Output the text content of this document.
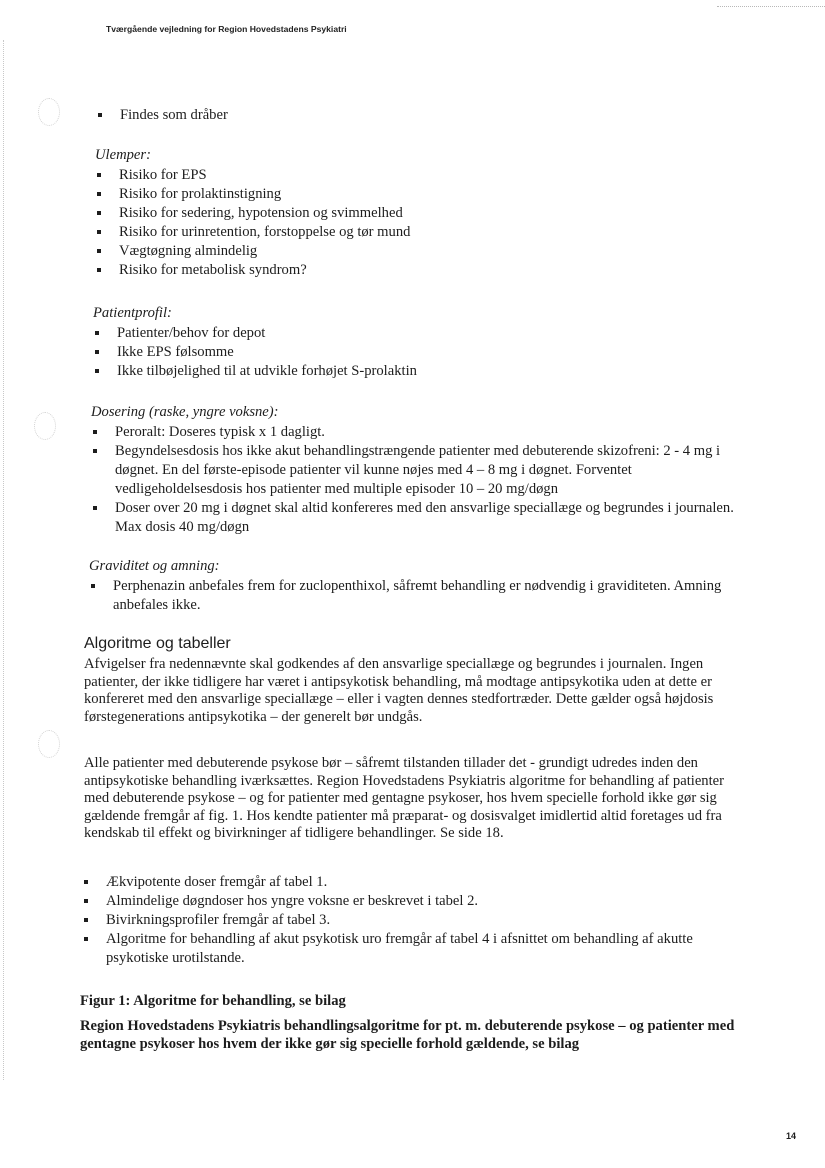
Tværgående vejledning for Region Hovedstadens Psykiatri
Findes som dråber
Ulemper:
Risiko for EPS
Risiko for prolaktinstigning
Risiko for sedering, hypotension og svimmelhed
Risiko for urinretention, forstoppelse og tør mund
Vægtøgning almindelig
Risiko for metabolisk syndrom?
Patientprofil:
Patienter/behov for depot
Ikke EPS følsomme
Ikke tilbøjelighed til at udvikle forhøjet S-prolaktin
Dosering (raske, yngre voksne):
Peroralt: Doseres typisk x 1 dagligt.
Begyndelsesdosis hos ikke akut behandlingstrængende patienter med debuterende skizofreni: 2 - 4 mg i døgnet. En del første-episode patienter vil kunne nøjes med 4 – 8 mg i døgnet. Forventet vedligeholdelsesdosis hos patienter med multiple episoder 10 – 20 mg/døgn
Doser over 20 mg i døgnet skal altid konfereres med den ansvarlige speciallæge og begrundes i journalen. Max dosis 40 mg/døgn
Graviditet og amning:
Perphenazin anbefales frem for zuclopenthixol, såfremt behandling er nødvendig i graviditeten. Amning anbefales ikke.
Algoritme og tabeller
Afvigelser fra nedennævnte skal godkendes af den ansvarlige speciallæge og begrundes i journalen. Ingen patienter, der ikke tidligere har været i antipsykotisk behandling, må modtage antipsykotika uden at dette er konfereret med den ansvarlige speciallæge – eller i vagten dennes stedfortræder. Dette gælder også højdosis førstegenerations antipsykotika – der generelt bør undgås.
Alle patienter med debuterende psykose bør – såfremt tilstanden tillader det - grundigt udredes inden den antipsykotiske behandling iværksættes. Region Hovedstadens Psykiatris algoritme for behandling af patienter med debuterende psykose – og for patienter med gentagne psykoser, hos hvem specielle forhold ikke gør sig gældende fremgår af fig. 1. Hos kendte patienter må præparat- og dosisvalget imidlertid altid foretages ud fra kendskab til effekt og bivirkninger af tidligere behandlinger. Se side 18.
Ækvipotente doser fremgår af tabel 1.
Almindelige døgndoser hos yngre voksne er beskrevet i tabel 2.
Bivirkningsprofiler fremgår af tabel 3.
Algoritme for behandling af akut psykotisk uro fremgår af tabel 4 i afsnittet om behandling af akutte psykotiske urotilstande.
Figur 1: Algoritme for behandling, se bilag
Region Hovedstadens Psykiatris behandlingsalgoritme for pt. m. debuterende psykose – og patienter med gentagne psykoser hos hvem der ikke gør sig specielle forhold gældende, se bilag
14
